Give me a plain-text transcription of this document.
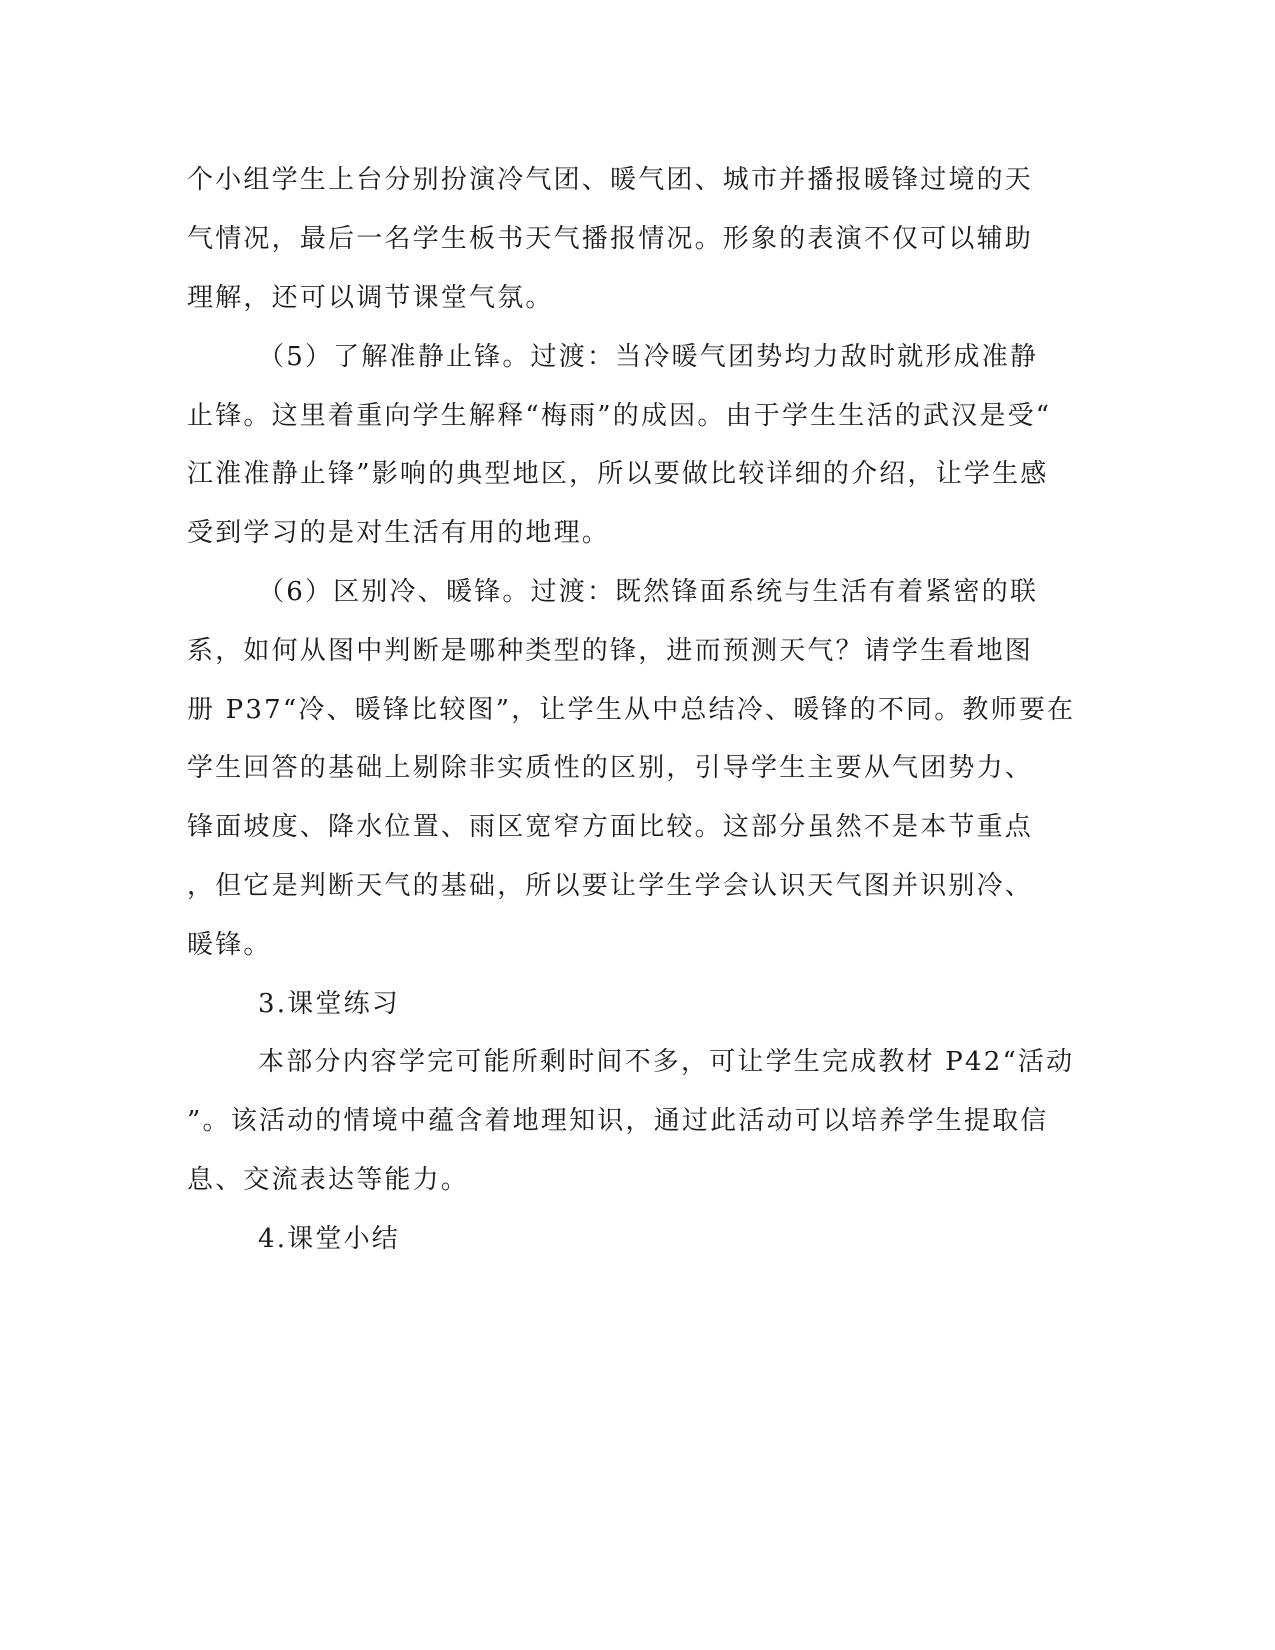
个小组学生上台分别扮演冷气团、暖气团、城市并播报暖锋过境的天
气情况，最后一名学生板书天气播报情况。形象的表演不仅可以辅助
理解，还可以调节课堂气氛。
（5）了解准静止锋。过渡：当冷暖气团势均力敌时就形成准静
止锋。这里着重向学生解释“梅雨”的成因。由于学生生活的武汉是受“
江淮准静止锋”影响的典型地区，所以要做比较详细的介绍，让学生感
受到学习的是对生活有用的地理。
（6）区别冷、暖锋。过渡：既然锋面系统与生活有着紧密的联
系，如何从图中判断是哪种类型的锋，进而预测天气？请学生看地图
册 P37“冷、暖锋比较图”，让学生从中总结冷、暖锋的不同。教师要在
学生回答的基础上剔除非实质性的区别，引导学生主要从气团势力、
锋面坡度、降水位置、雨区宽窄方面比较。这部分虽然不是本节重点
，但它是判断天气的基础，所以要让学生学会认识天气图并识别冷、
暖锋。
3.课堂练习
本部分内容学完可能所剩时间不多，可让学生完成教材 P42“活动
”。该活动的情境中蕴含着地理知识，通过此活动可以培养学生提取信
息、交流表达等能力。
4.课堂小结
